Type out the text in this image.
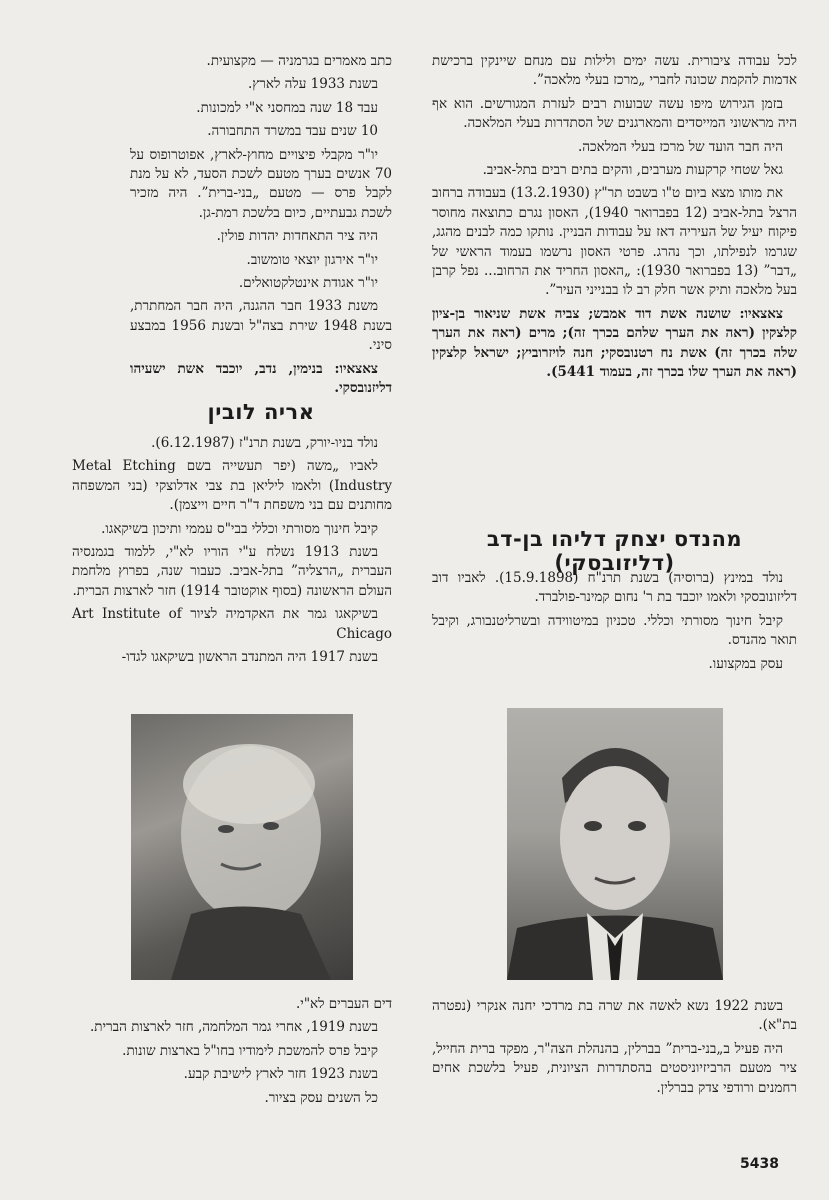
לכל עבודה ציבורית. עשה ימים ולילות עם מנחם שיינקין ברכישת אדמות להקמת שכונה לחברי „מרכז בעלי מלאכה”.

בזמן הגירוש מיפו עשה שבועות רבים לעזרת המגורשים. הוא אף היה מראשוני המייסדים והמארגנים של הסתדרות בעלי המלאכה.

היה חבר הועד של מרכז בעלי המלאכה.

גאל שטחי קרקעות מערבים, והקים בתים רבים בתל-אביב.

את מותו מצא ביום ט"ו בשבט תר"ץ (13.2.1930) בעבודה ברחוב הרצל בתל-אביב (12 בפברואר 1940), האסון נגרם כתוצאה מחוסר פיקוח יעיל של העיריה דאז על עבודות הבניין. נותקו כמה לבנים מהגג, שגרמו לנפילתו, וכך נהרג. פרטי האסון נרשמו בעמוד הראשי של „דבר” (13 בפברואר 1930): „האסון החריד את הרחוב... נפל קרבן בעל מלאכה ותיק אשר חלק רב לו בבנייני העיר”.

צאצאיו: שושנה אשת דוד אמבש; צביה אשת שניאור בן-ציון קלצקין (ראה את הערך שלהם בכרך זה); מרים (ראה את הערך שלה בכרך זה) אשת נח רטנובסקי; חנה לויזרוביץ; ישראל קלצקין (ראה את הערך שלו בכרך זה, בעמוד 5441).

כתב מאמרים בגרמניה — מקצועית.

בשנת 1933 עלה לארץ.

עבד 18 שנה במחסני א"י למכונות.

10 שנים עבד במשרד התחבורה.

יו"ר מקבלי פיצויים מחוץ-לארץ, אפוטרופוס על 70 אנשים בערך מטעם לשכת הסעד, לא על מנת לקבל פרס — מטעם „בני-ברית”. היה מזכיר לשכת גבעתיים, כיום בלשכת רמת-גן.

היה ציר התאחדות יהדות פולין.

יו"ר אירגון יוצאי טומשוב.

יו"ר אגודת אינטלקטואלים.

משנת 1933 חבר ההגנה, היה חבר המחתרת, בשנת 1948 שירת בצה"ל ובשנת 1956 במבצע סיני.

צאצאיו: בנימין, נדב, יוכבד אשת ישעיהו דליזנובסקי.

אריה לובין

נולד בניו-יורק, בשנת תרנ"ז (6.12.1987).

לאביו „משה (יפר תעשייה בשם Metal Etching Industry) ולאמו ליליאן בת צבי אדלוצקי (בני המשפחה מחותנים עם בני משפחת ד"ר חיים וייצמן).

קיבל חינוך מסורתי וכללי בבי"ס עממי ותיכון בשיקאגו.

בשנת 1913 נשלח ע"י הוריו לא"י, ללמוד בגמנסיה העברית „הרצליה” בתל-אביב. כעבור שנה, בפרוץ מלחמת העולם הראשונה (בסוף אוקטובר 1914) חזר לארצות הברית.

בשיקאגו גמר את האקדמיה לציור Art Institute of Chicago

בשנת 1917 היה המתנדב הראשון בשיקאגו לגדו-

מהנדס יצחק דליהו בן-דב (דליזובסקי)

נולד במינץ (ברוסיה) בשנת תרנ"ח (15.9.1898). לאביו דוב דליזונובסקי ולאמו יוכבד בת ר' נחום קמינר-פולברד.

קיבל חינוך מסורתי וכללי. טכניון במיטווידה ובשרליטנבורג, וקיבל תואר מהנדס.

עסק במקצועו.

דים העברים לא"י.

בשנת 1919, אחרי גמר המלחמה, חזר לארצות הברית.

קיבל פרס להמשכת לימודיו בחו"ל בארצות שונות.

בשנת 1923 חזר לארץ לישיבת קבע.

כל השנים עסק בציור.

בשנת 1922 נשא לאשה את שרה בת מרדכי יחנה אנקרי (נפטרה בת"א).

היה פעיל ב„בני-ברית” בברלין, בהנהלת הצה"ר, מפקד ברית החייל, ציר מטעם הרביזיוניסטים בהסתדרות הציונית, פעיל בלשכת אחים רחמנים ורודפי צדק בברלין.

5438
